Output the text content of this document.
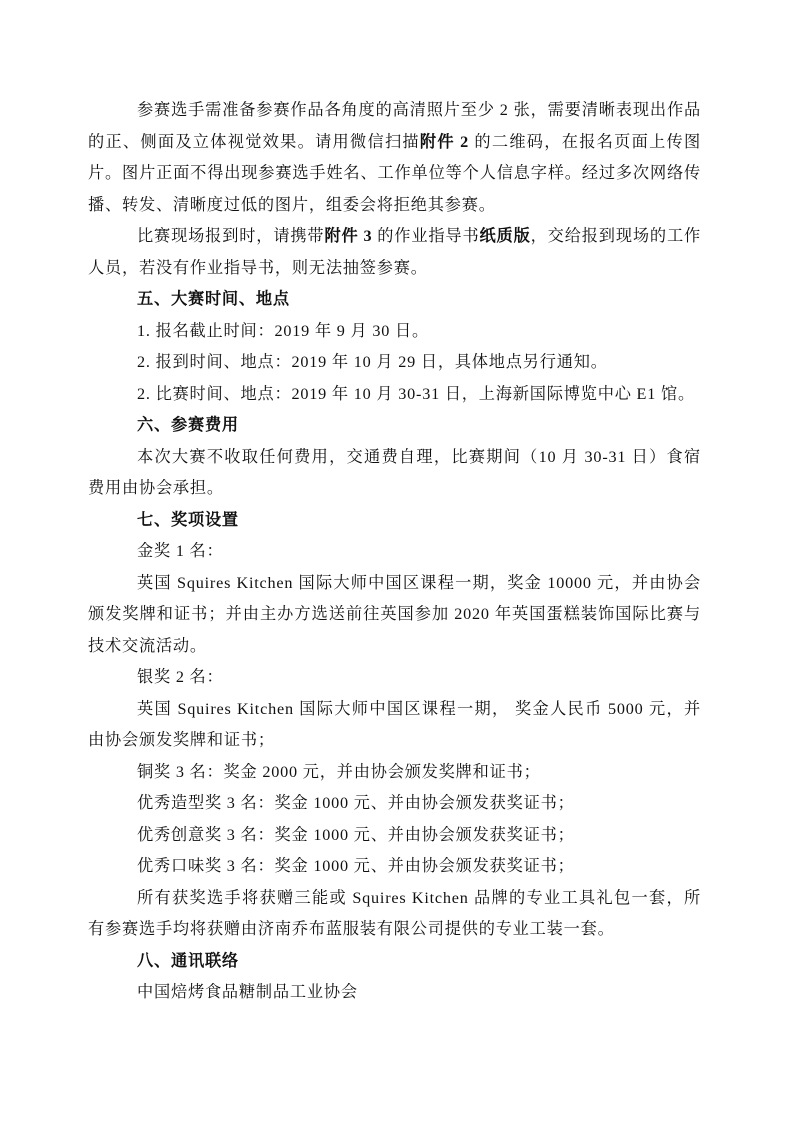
参赛选手需准备参赛作品各角度的高清照片至少 2 张，需要清晰表现出作品的正、侧面及立体视觉效果。请用微信扫描附件 2 的二维码，在报名页面上传图片。图片正面不得出现参赛选手姓名、工作单位等个人信息字样。经过多次网络传播、转发、清晰度过低的图片，组委会将拒绝其参赛。

比赛现场报到时，请携带附件 3 的作业指导书纸质版，交给报到现场的工作人员，若没有作业指导书，则无法抽签参赛。

五、大赛时间、地点

1. 报名截止时间：2019 年 9 月 30 日。

2. 报到时间、地点：2019 年 10 月 29 日，具体地点另行通知。

2. 比赛时间、地点：2019 年 10 月 30-31 日，上海新国际博览中心 E1 馆。

六、参赛费用

本次大赛不收取任何费用，交通费自理，比赛期间（10 月 30-31 日）食宿费用由协会承担。

七、奖项设置

金奖 1 名：

英国 Squires Kitchen 国际大师中国区课程一期，奖金 10000 元，并由协会颁发奖牌和证书；并由主办方选送前往英国参加 2020 年英国蛋糕装饰国际比赛与技术交流活动。

银奖 2 名：

英国 Squires Kitchen 国际大师中国区课程一期， 奖金人民币 5000 元，并由协会颁发奖牌和证书；

铜奖 3 名：奖金 2000 元，并由协会颁发奖牌和证书；

优秀造型奖 3 名：奖金 1000 元、并由协会颁发获奖证书；

优秀创意奖 3 名：奖金 1000 元、并由协会颁发获奖证书；

优秀口味奖 3 名：奖金 1000 元、并由协会颁发获奖证书；

所有获奖选手将获赠三能或 Squires Kitchen 品牌的专业工具礼包一套，所有参赛选手均将获赠由济南乔布蓝服装有限公司提供的专业工装一套。

八、通讯联络

中国焙烤食品糖制品工业协会
